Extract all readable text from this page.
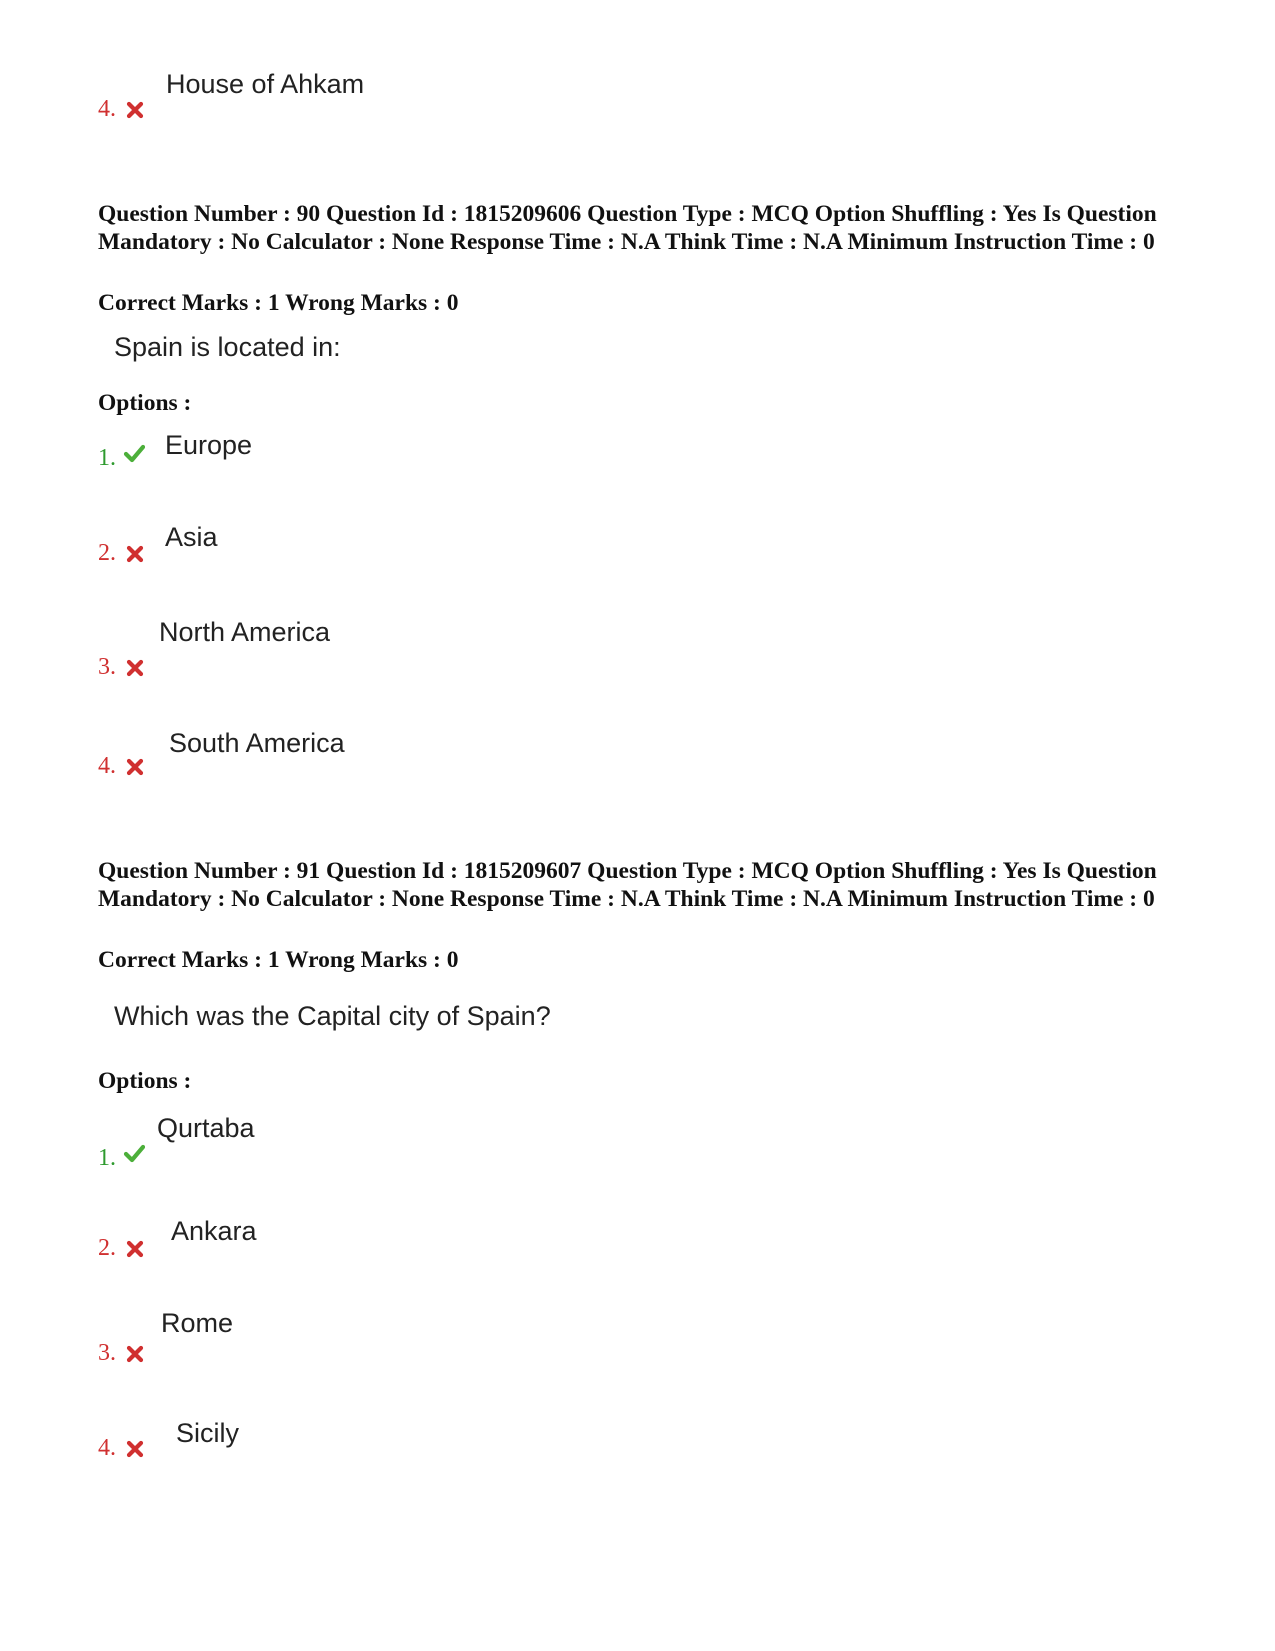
House of Ahkam
4.
Question Number : 90 Question Id : 1815209606 Question Type : MCQ Option Shuffling : Yes Is Question Mandatory : No Calculator : None Response Time : N.A Think Time : N.A Minimum Instruction Time : 0
Correct Marks : 1 Wrong Marks : 0
Spain is located in:
Options :
Europe
1.
Asia
2.
North America
3.
South America
4.
Question Number : 91 Question Id : 1815209607 Question Type : MCQ Option Shuffling : Yes Is Question Mandatory : No Calculator : None Response Time : N.A Think Time : N.A Minimum Instruction Time : 0
Correct Marks : 1 Wrong Marks : 0
Which was the Capital city of Spain?
Options :
Qurtaba
1.
Ankara
2.
Rome
3.
Sicily
4.
